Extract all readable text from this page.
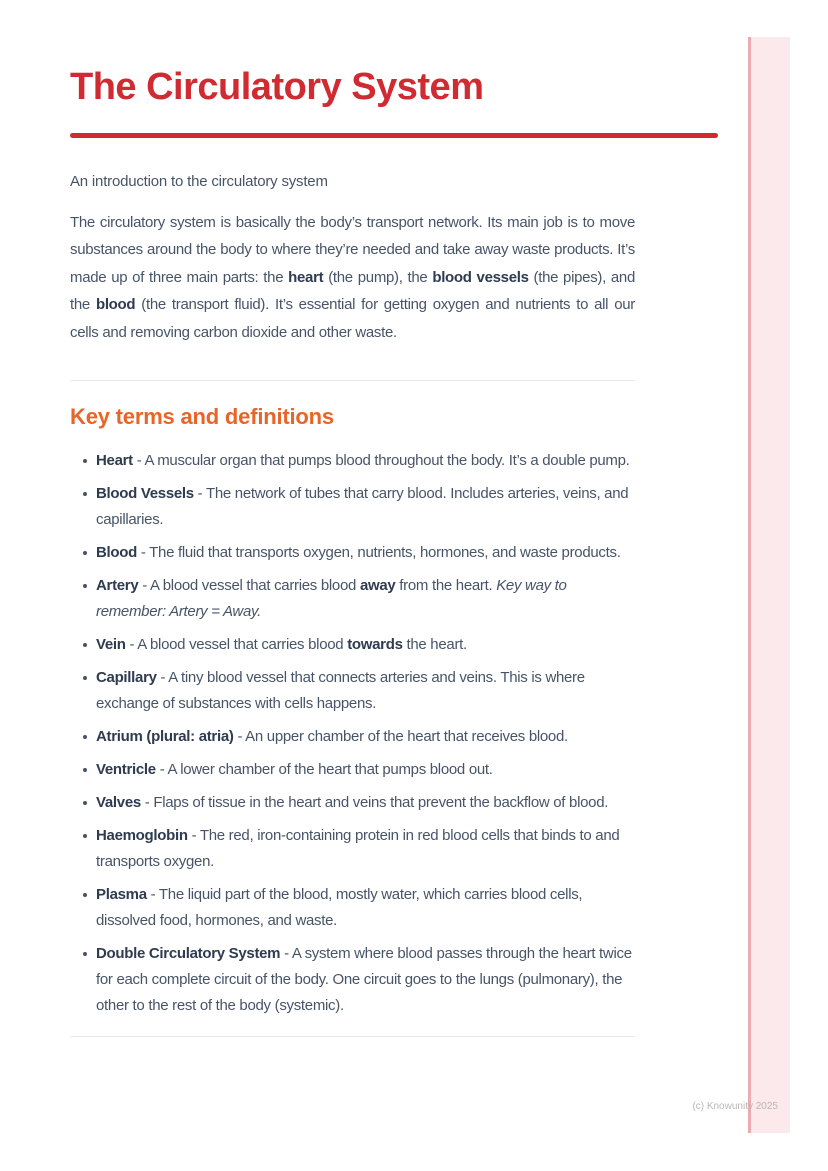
The Circulatory System

An introduction to the circulatory system

The circulatory system is basically the body’s transport network. Its main job is to move substances around the body to where they’re needed and take away waste products. It’s made up of three main parts: the heart (the pump), the blood vessels (the pipes), and the blood (the transport fluid). It’s essential for getting oxygen and nutrients to all our cells and removing carbon dioxide and other waste.

Key terms and definitions
Heart - A muscular organ that pumps blood throughout the body. It’s a double pump.
Blood Vessels - The network of tubes that carry blood. Includes arteries, veins, and capillaries.
Blood - The fluid that transports oxygen, nutrients, hormones, and waste products.
Artery - A blood vessel that carries blood away from the heart. Key way to remember: Artery = Away.
Vein - A blood vessel that carries blood towards the heart.
Capillary - A tiny blood vessel that connects arteries and veins. This is where exchange of substances with cells happens.
Atrium (plural: atria) - An upper chamber of the heart that receives blood.
Ventricle - A lower chamber of the heart that pumps blood out.
Valves - Flaps of tissue in the heart and veins that prevent the backflow of blood.
Haemoglobin - The red, iron-containing protein in red blood cells that binds to and transports oxygen.
Plasma - The liquid part of the blood, mostly water, which carries blood cells, dissolved food, hormones, and waste.
Double Circulatory System - A system where blood passes through the heart twice for each complete circuit of the body. One circuit goes to the lungs (pulmonary), the other to the rest of the body (systemic).
(c) Knowunity 2025
